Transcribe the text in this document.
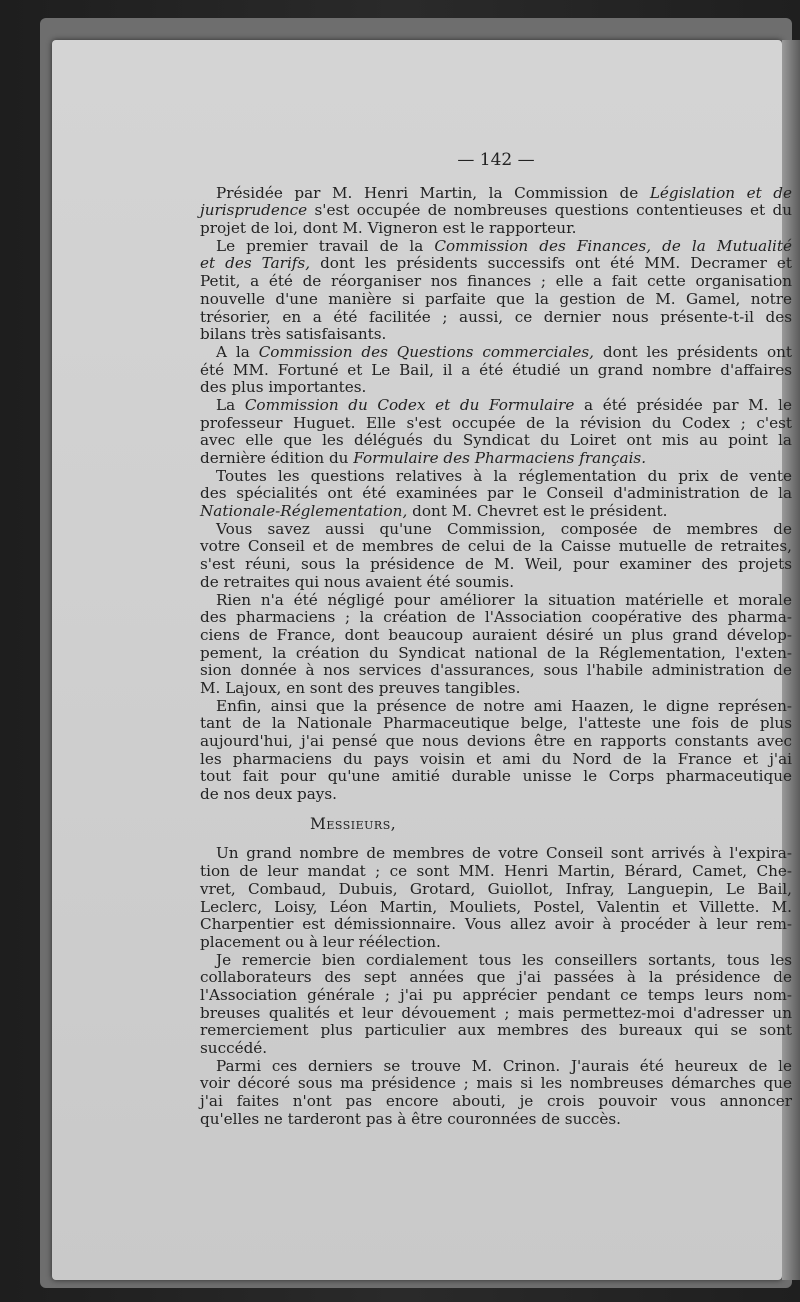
— 142 —
Présidée par M. Henri Martin, la Commission de Législation et de
jurisprudence s'est occupée de nombreuses questions contentieuses et du
projet de loi, dont M. Vigneron est le rapporteur.
Le premier travail de la Commission des Finances, de la Mutualité
et des Tarifs, dont les présidents successifs ont été MM. Decramer et
Petit, a été de réorganiser nos finances ; elle a fait cette organisation
nouvelle d'une manière si parfaite que la gestion de M. Gamel, notre
trésorier, en a été facilitée ; aussi, ce dernier nous présente-t-il des
bilans très satisfaisants.
A la Commission des Questions commerciales, dont les présidents ont
été MM. Fortuné et Le Bail, il a été étudié un grand nombre d'affaires
des plus importantes.
La Commission du Codex et du Formulaire a été présidée par M. le
professeur Huguet. Elle s'est occupée de la révision du Codex ; c'est
avec elle que les délégués du Syndicat du Loiret ont mis au point la
dernière édition du Formulaire des Pharmaciens français.
Toutes les questions relatives à la réglementation du prix de vente
des spécialités ont été examinées par le Conseil d'administration de la
Nationale-Réglementation, dont M. Chevret est le président.
Vous savez aussi qu'une Commission, composée de membres de
votre Conseil et de membres de celui de la Caisse mutuelle de retraites,
s'est réuni, sous la présidence de M. Weil, pour examiner des projets
de retraites qui nous avaient été soumis.
Rien n'a été négligé pour améliorer la situation matérielle et morale
des pharmaciens ; la création de l'Association coopérative des pharma-
ciens de France, dont beaucoup auraient désiré un plus grand dévelop-
pement, la création du Syndicat national de la Réglementation, l'exten-
sion donnée à nos services d'assurances, sous l'habile administration de
M. Lajoux, en sont des preuves tangibles.
Enfin, ainsi que la présence de notre ami Haazen, le digne représen-
tant de la Nationale Pharmaceutique belge, l'atteste une fois de plus
aujourd'hui, j'ai pensé que nous devions être en rapports constants avec
les pharmaciens du pays voisin et ami du Nord de la France et j'ai
tout fait pour qu'une amitié durable unisse le Corps pharmaceutique
de nos deux pays.
Messieurs,
Un grand nombre de membres de votre Conseil sont arrivés à l'expira-
tion de leur mandat ; ce sont MM. Henri Martin, Bérard, Camet, Che-
vret, Combaud, Dubuis, Grotard, Guiollot, Infray, Languepin, Le Bail,
Leclerc, Loisy, Léon Martin, Mouliets, Postel, Valentin et Villette. M.
Charpentier est démissionnaire. Vous allez avoir à procéder à leur rem-
placement ou à leur réélection.
Je remercie bien cordialement tous les conseillers sortants, tous les
collaborateurs des sept années que j'ai passées à la présidence de
l'Association générale ; j'ai pu apprécier pendant ce temps leurs nom-
breuses qualités et leur dévouement ; mais permettez-moi d'adresser un
remerciement plus particulier aux membres des bureaux qui se sont
succédé.
Parmi ces derniers se trouve M. Crinon. J'aurais été heureux de le
voir décoré sous ma présidence ; mais si les nombreuses démarches que
j'ai faites n'ont pas encore abouti, je crois pouvoir vous annoncer
qu'elles ne tarderont pas à être couronnées de succès.
